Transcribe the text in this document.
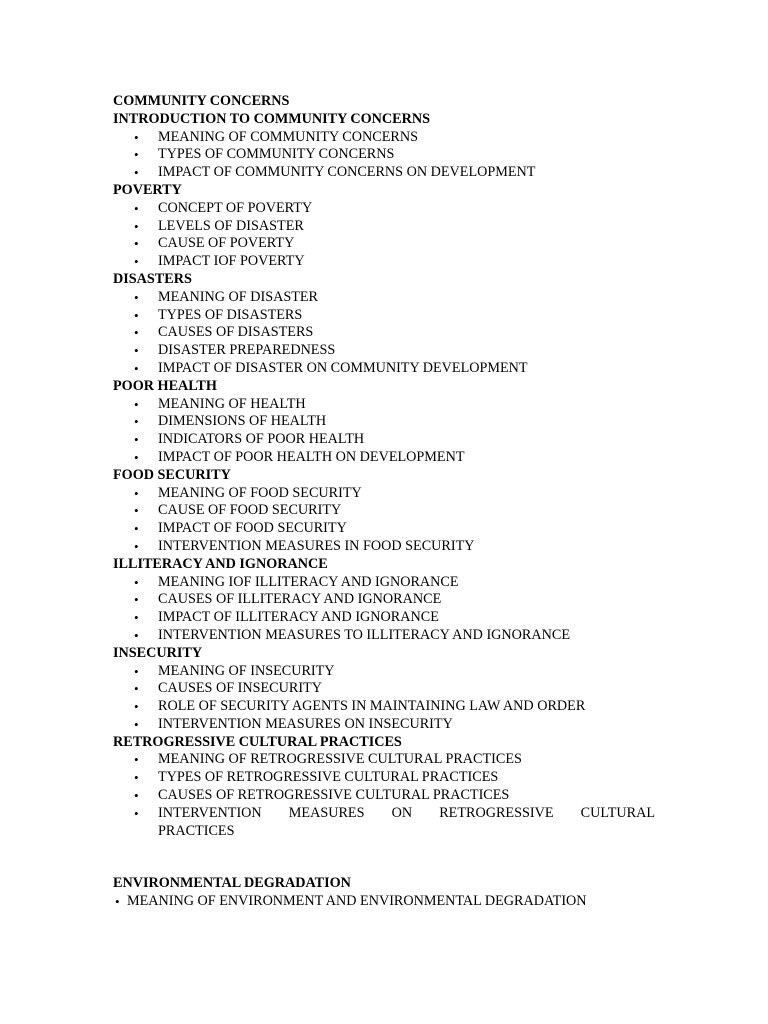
COMMUNITY CONCERNS
INTRODUCTION TO COMMUNITY CONCERNS
• MEANING OF COMMUNITY CONCERNS
• TYPES OF COMMUNITY CONCERNS
• IMPACT OF COMMUNITY CONCERNS ON DEVELOPMENT
POVERTY
• CONCEPT OF POVERTY
• LEVELS OF DISASTER
• CAUSE OF POVERTY
• IMPACT IOF POVERTY
DISASTERS
• MEANING OF DISASTER
• TYPES OF DISASTERS
• CAUSES OF DISASTERS
• DISASTER PREPAREDNESS
• IMPACT OF DISASTER ON COMMUNITY DEVELOPMENT
POOR HEALTH
• MEANING OF HEALTH
• DIMENSIONS OF HEALTH
• INDICATORS OF POOR HEALTH
• IMPACT OF POOR HEALTH ON DEVELOPMENT
FOOD SECURITY
• MEANING OF FOOD SECURITY
• CAUSE OF FOOD SECURITY
• IMPACT OF FOOD SECURITY
• INTERVENTION MEASURES IN FOOD SECURITY
ILLITERACY AND IGNORANCE
• MEANING IOF ILLITERACY AND IGNORANCE
• CAUSES OF ILLITERACY AND IGNORANCE
• IMPACT OF ILLITERACY AND IGNORANCE
• INTERVENTION MEASURES TO ILLITERACY AND IGNORANCE
INSECURITY
• MEANING OF INSECURITY
• CAUSES OF INSECURITY
• ROLE OF SECURITY AGENTS IN MAINTAINING LAW AND ORDER
• INTERVENTION MEASURES ON INSECURITY
RETROGRESSIVE CULTURAL PRACTICES
• MEANING OF RETROGRESSIVE CULTURAL PRACTICES
• TYPES OF RETROGRESSIVE CULTURAL PRACTICES
• CAUSES OF RETROGRESSIVE CULTURAL PRACTICES
• INTERVENTION MEASURES ON RETROGRESSIVE CULTURAL
PRACTICES
ENVIRONMENTAL DEGRADATION
• MEANING OF ENVIRONMENT AND ENVIRONMENTAL DEGRADATION
